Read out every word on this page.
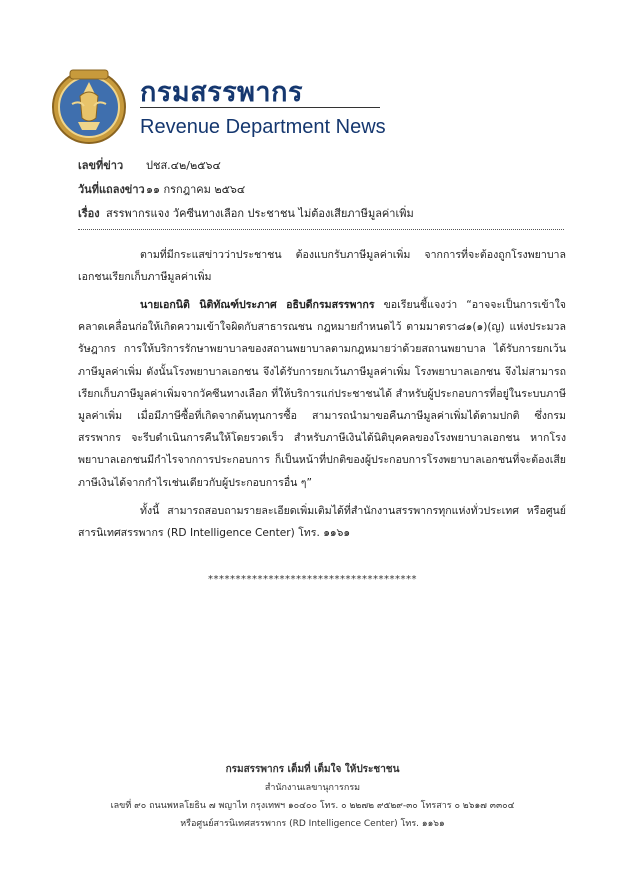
กรมสรรพากร
Revenue Department News
เลขที่ข่าว ปชส.๔๒/๒๕๖๔
วันที่แถลงข่าว ๑๑ กรกฎาคม ๒๕๖๔
เรื่อง สรรพากรแจง วัคซีนทางเลือก ประชาชน ไม่ต้องเสียภาษีมูลค่าเพิ่ม

ตามที่มีกระแสข่าวว่าประชาชน ต้องแบกรับภาษีมูลค่าเพิ่ม จากการที่จะต้องถูกโรงพยาบาลเอกชนเรียกเก็บภาษีมูลค่าเพิ่ม

นายเอกนิติ นิติทัณฑ์ประภาศ อธิบดีกรมสรรพากร ขอเรียนชี้แจงว่า “อาจจะเป็นการเข้าใจคลาดเคลื่อนก่อให้เกิดความเข้าใจผิดกับสาธารณชน กฎหมายกำหนดไว้ ตามมาตรา๘๑(๑)(ญ) แห่งประมวลรัษฎากร การให้บริการรักษาพยาบาลของสถานพยาบาลตามกฎหมายว่าด้วยสถานพยาบาล ได้รับการยกเว้นภาษีมูลค่าเพิ่ม ดังนั้นโรงพยาบาลเอกชน จึงได้รับการยกเว้นภาษีมูลค่าเพิ่ม โรงพยาบาลเอกชน จึงไม่สามารถเรียกเก็บภาษีมูลค่าเพิ่มจากวัคซีนทางเลือก ที่ให้บริการแก่ประชาชนได้ สำหรับผู้ประกอบการที่อยู่ในระบบภาษีมูลค่าเพิ่ม เมื่อมีภาษีซื้อที่เกิดจากต้นทุนการซื้อ สามารถนำมาขอคืนภาษีมูลค่าเพิ่มได้ตามปกติ ซึ่งกรมสรรพากร จะรีบดำเนินการคืนให้โดยรวดเร็ว สำหรับภาษีเงินได้นิติบุคคลของโรงพยาบาลเอกชน หากโรงพยาบาลเอกชนมีกำไรจากการประกอบการ ก็เป็นหน้าที่ปกติของผู้ประกอบการโรงพยาบาลเอกชนที่จะต้องเสียภาษีเงินได้จากกำไรเช่นเดียวกับผู้ประกอบการอื่น ๆ”

ทั้งนี้ สามารถสอบถามรายละเอียดเพิ่มเติมได้ที่สำนักงานสรรพากรทุกแห่งทั่วประเทศ หรือศูนย์สารนิเทศสรรพากร (RD Intelligence Center) โทร. ๑๑๖๑

**************************************
กรมสรรพากร เต็มที่ เต็มใจ ให้ประชาชน
สำนักงานเลขานุการกรม
เลขที่ ๙๐ ถนนพหลโยธิน ๗ พญาไท กรุงเทพฯ ๑๐๔๐๐ โทร. ๐ ๒๒๗๒ ๙๕๒๙-๓๐ โทรสาร ๐ ๒๖๑๗ ๓๓๐๔
หรือศูนย์สารนิเทศสรรพากร (RD Intelligence Center) โทร. ๑๑๖๑
